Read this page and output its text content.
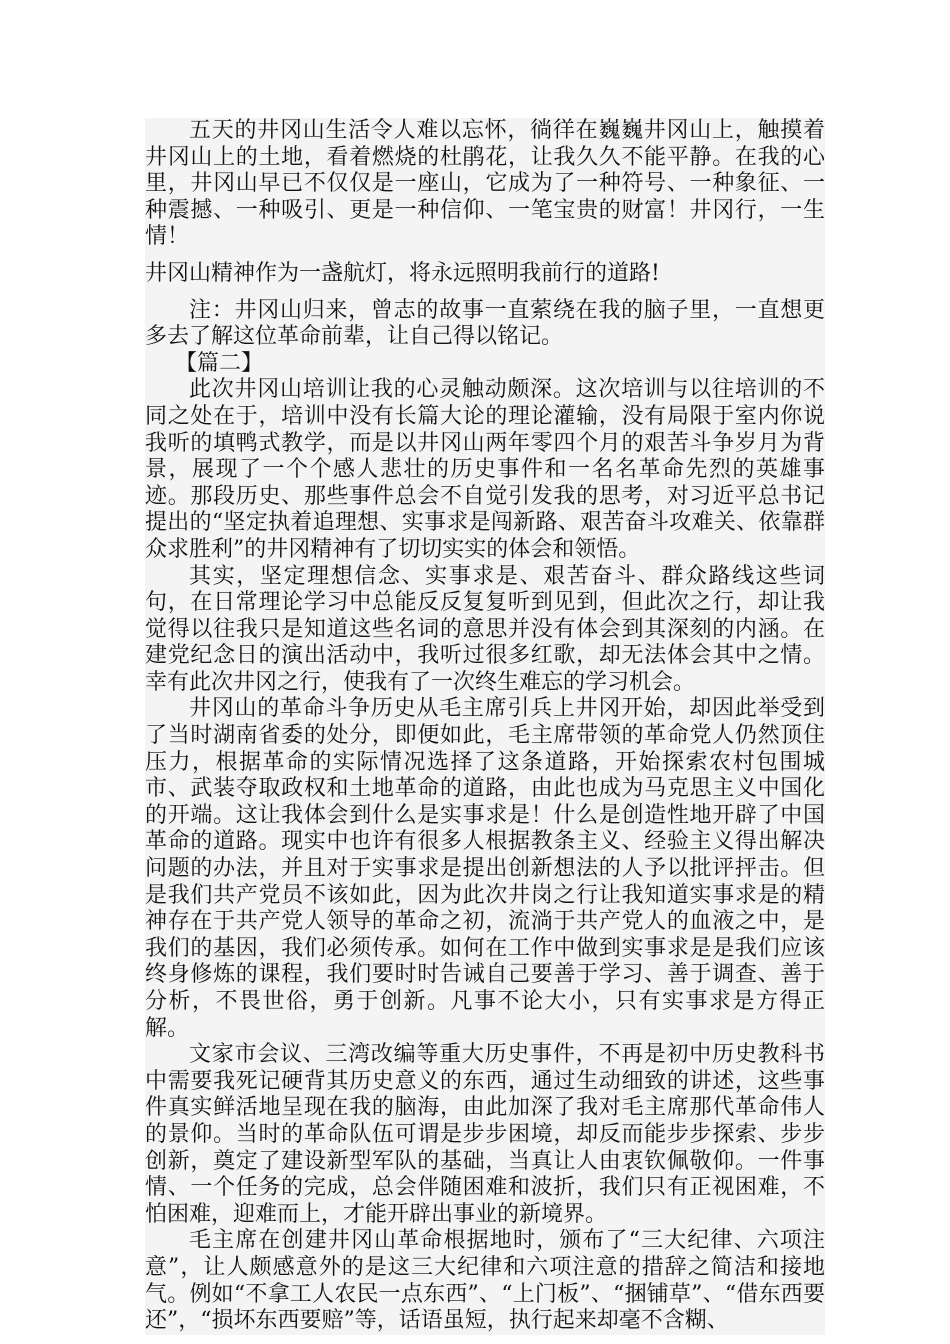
五天的井冈山生活令人难以忘怀，徜徉在巍巍井冈山上，触摸着井冈山上的土地，看着燃烧的杜鹃花，让我久久不能平静。在我的心里，井冈山早已不仅仅是一座山，它成为了一种符号、一种象征、一种震撼、一种吸引、更是一种信仰、一笔宝贵的财富！井冈行，一生情！

井冈山精神作为一盏航灯，将永远照明我前行的道路!

注：井冈山归来，曾志的故事一直萦绕在我的脑子里，一直想更多去了解这位革命前辈，让自己得以铭记。

【篇二】

此次井冈山培训让我的心灵触动颇深。这次培训与以往培训的不同之处在于，培训中没有长篇大论的理论灌输，没有局限于室内你说我听的填鸭式教学，而是以井冈山两年零四个月的艰苦斗争岁月为背景，展现了一个个感人悲壮的历史事件和一名名革命先烈的英雄事迹。那段历史、那些事件总会不自觉引发我的思考，对习近平总书记提出的“坚定执着追理想、实事求是闯新路、艰苦奋斗攻难关、依靠群众求胜利”的井冈精神有了切切实实的体会和领悟。

其实，坚定理想信念、实事求是、艰苦奋斗、群众路线这些词句，在日常理论学习中总能反反复复听到见到，但此次之行，却让我觉得以往我只是知道这些名词的意思并没有体会到其深刻的内涵。在建党纪念日的演出活动中，我听过很多红歌，却无法体会其中之情。幸有此次井冈之行，使我有了一次终生难忘的学习机会。

井冈山的革命斗争历史从毛主席引兵上井冈开始，却因此举受到了当时湖南省委的处分，即便如此，毛主席带领的革命党人仍然顶住压力，根据革命的实际情况选择了这条道路，开始探索农村包围城市、武装夺取政权和土地革命的道路，由此也成为马克思主义中国化的开端。这让我体会到什么是实事求是！什么是创造性地开辟了中国革命的道路。现实中也许有很多人根据教条主义、经验主义得出解决问题的办法，并且对于实事求是提出创新想法的人予以批评抨击。但是我们共产党员不该如此，因为此次井岗之行让我知道实事求是的精神存在于共产党人领导的革命之初，流淌于共产党人的血液之中，是我们的基因，我们必须传承。如何在工作中做到实事求是是我们应该终身修炼的课程，我们要时时告诫自己要善于学习、善于调查、善于分析，不畏世俗，勇于创新。凡事不论大小，只有实事求是方得正解。

文家市会议、三湾改编等重大历史事件，不再是初中历史教科书中需要我死记硬背其历史意义的东西，通过生动细致的讲述，这些事件真实鲜活地呈现在我的脑海，由此加深了我对毛主席那代革命伟人的景仰。当时的革命队伍可谓是步步困境，却反而能步步探索、步步创新，奠定了建设新型军队的基础，当真让人由衷钦佩敬仰。一件事情、一个任务的完成，总会伴随困难和波折，我们只有正视困难，不怕困难，迎难而上，才能开辟出事业的新境界。

毛主席在创建井冈山革命根据地时，颁布了“三大纪律、六项注意”，让人颇感意外的是这三大纪律和六项注意的措辞之简洁和接地气。例如“不拿工人农民一点东西”、“上门板”、“捆铺草”、“借东西要还”，“损坏东西要赔”等，话语虽短，执行起来却毫不含糊、
